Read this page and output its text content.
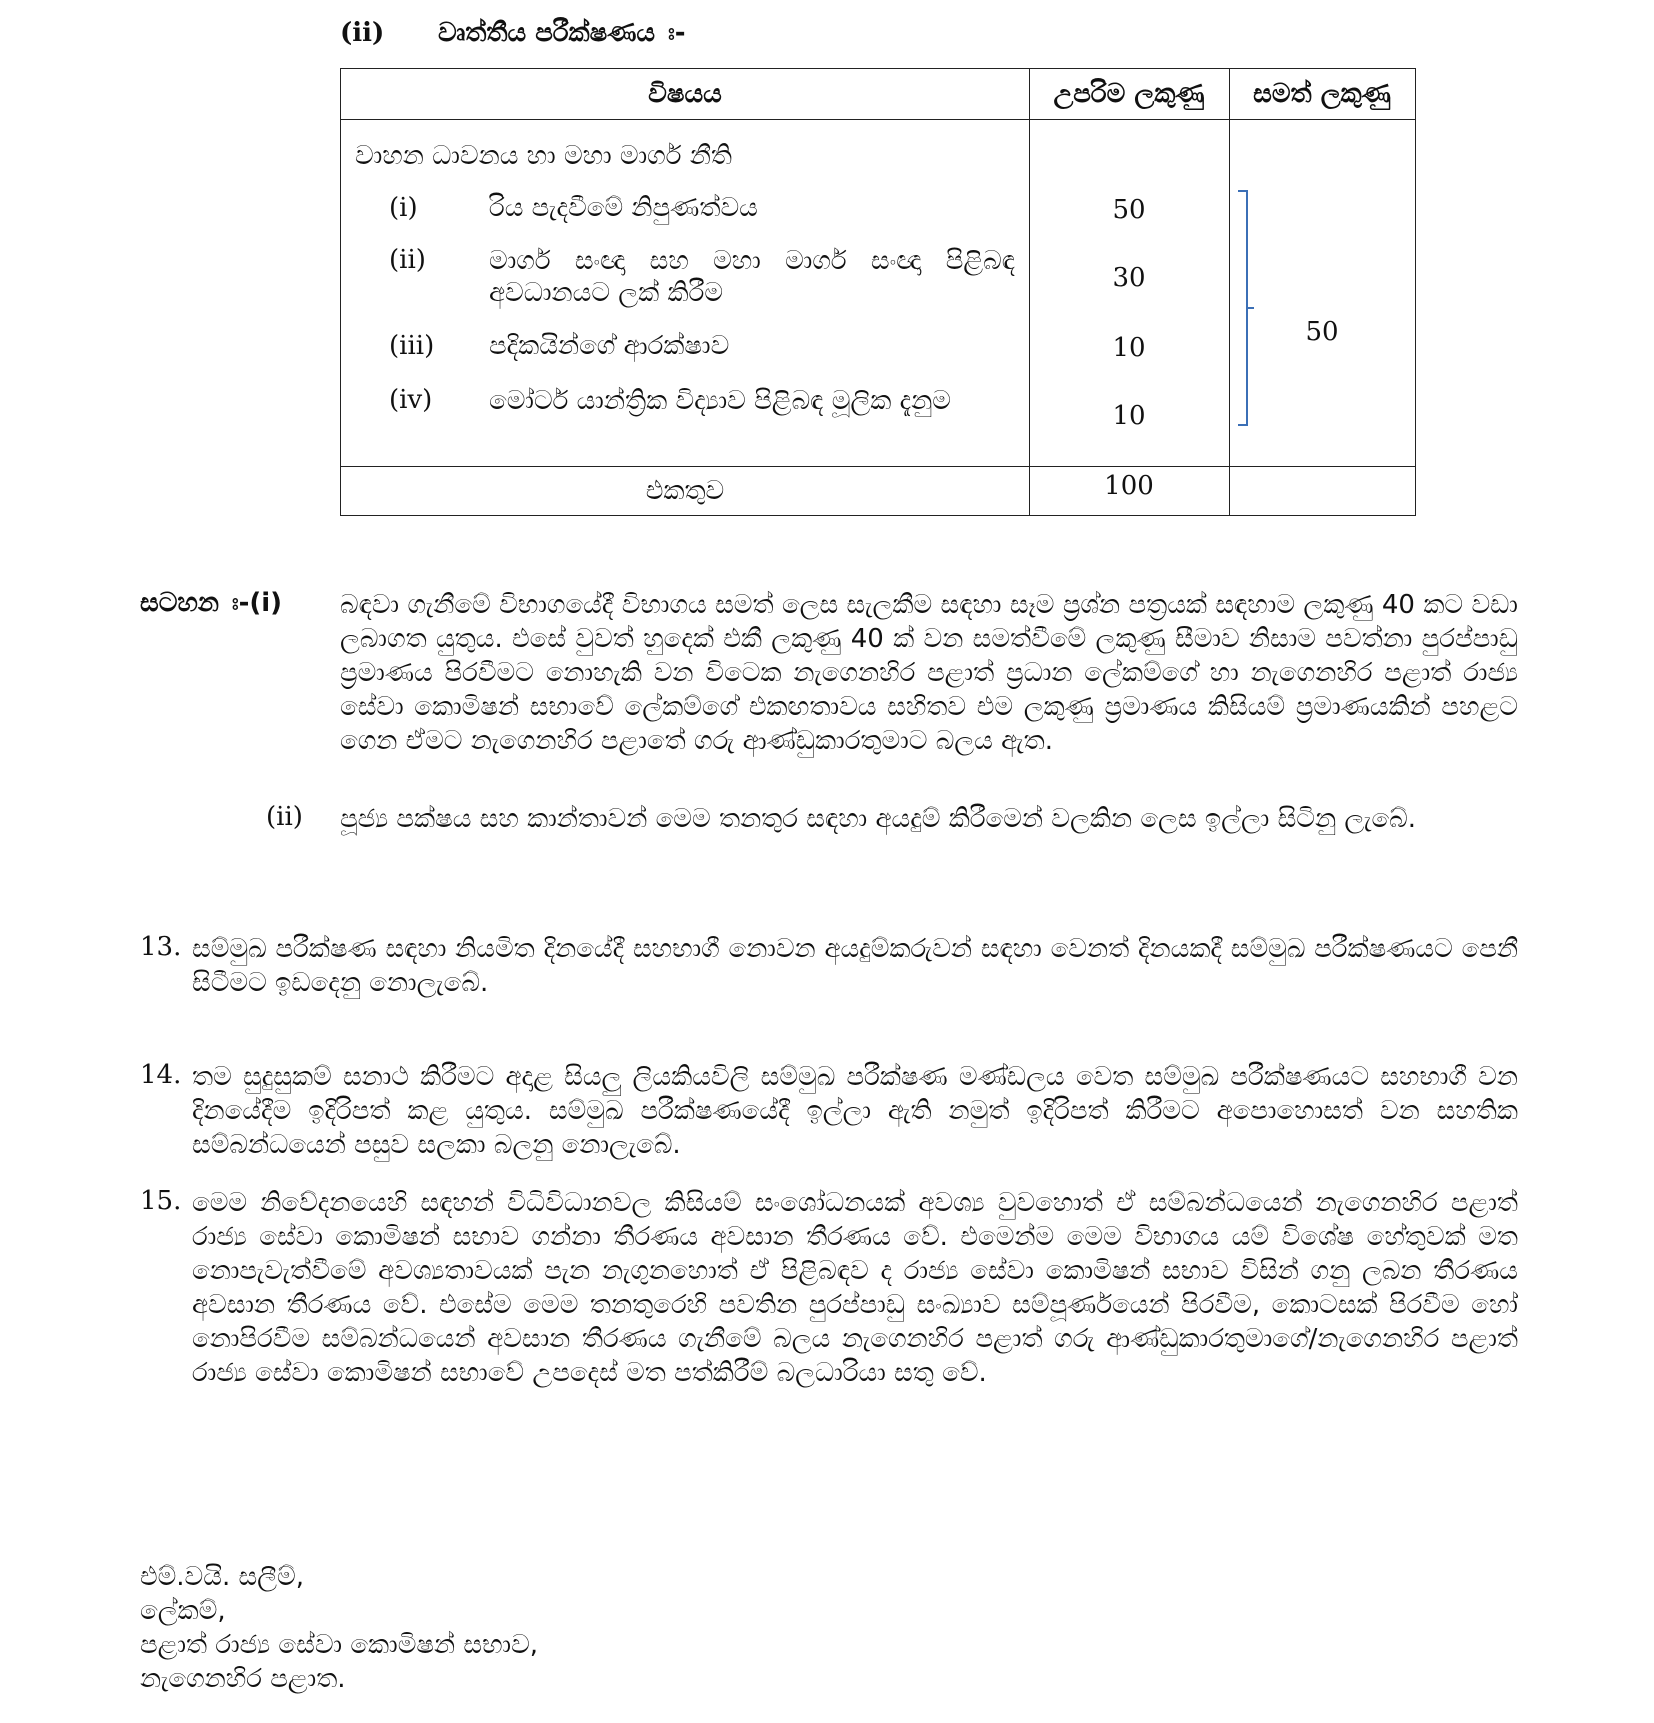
(ii) වෘත්තීය පරීක්ෂණය ඃ-
විෂයය	උපරිම ලකුණු	සමත් ලකුණු
වාහන ධාවනය හා මහා මාර්ග නීති
(i)	රිය පැදවීමේ නිපුණත්වය	50
(ii) මාර්ග සංඥා සහ මහා මාර්ග සංඥා පිළිබඳ අවධානයට ලක් කිරීම	30
(iii) පදිකයින්ගේ ආරක්ෂාව	10
(iv) මෝටර් යාන්ත්‍රික විද්‍යාව පිළිබඳ මූලික දැනුම	10
50
එකතුව	100
සටහන ඃ-(i) බඳවා ගැනීමේ විභාගයේදී විභාගය සමත් ලෙස සැලකීම සඳහා සෑම ප්‍රශ්න පත්‍රයක් සඳහාම ලකුණු 40 කට වඩා ලබාගත යුතුය. එසේ වුවත් හුදෙක් එකී ලකුණු 40 ක් වන සමත්වීමේ ලකුණු සීමාව නිසාම පවත්නා පුරප්පාඩු ප්‍රමාණය පිරවීමට නොහැකි වන විටෙක නැගෙනහිර පළාත් ප්‍රධාන ලේකම්ගේ හා නැගෙනහිර පළාත් රාජ්‍ය සේවා කොමිෂන් සභාවේ ලේකම්ගේ එකඟතාවය සහිතව එම ලකුණු ප්‍රමාණය කිසියම් ප්‍රමාණයකින් පහළට ගෙන ඒමට නැගෙනහිර පළාතේ ගරු ආණ්ඩුකාරතුමාට බලය ඇත.
(ii) පූජ්‍ය පක්ෂය සහ කාන්තාවන් මෙම තනතුර සඳහා අයදුම් කිරීමෙන් වලකින ලෙස ඉල්ලා සිටිනු ලැබේ.
13. සම්මුඛ පරීක්ෂණ සඳහා නියමිත දිනයේදී සහභාගී නොවන අයදුම්කරුවන් සඳහා වෙනත් දිනයකදී සම්මුඛ පරීක්ෂණයට පෙනී සිටීමට ඉඩදෙනු නොලැබේ.
14. තම සුදුසුකම් සනාථ කිරීමට අදාළ සියලු ලියකියවිලි සම්මුඛ පරීක්ෂණ මණ්ඩලය වෙත සම්මුඛ පරීක්ෂණයට සහභාගී වන දිනයේදීම ඉදිරිපත් කළ යුතුය. සම්මුඛ පරීක්ෂණයේදී ඉල්ලා ඇති නමුත් ඉදිරිපත් කිරීමට අපොහොසත් වන සහතික සම්බන්ධයෙන් පසුව සලකා බලනු නොලැබේ.
15. මෙම නිවේදනයෙහි සඳහන් විධිවිධානවල කිසියම් සංශෝධනයක් අවශ්‍ය වුවහොත් ඒ සම්බන්ධයෙන් නැගෙනහිර පළාත් රාජ්‍ය සේවා කොමිෂන් සභාව ගන්නා තීරණය අවසාන තීරණය වේ. එමෙන්ම මෙම විභාගය යම් විශේෂ හේතුවක් මත නොපැවැත්වීමේ අවශ්‍යතාවයක් පැන නැගුනහොත් ඒ පිළිබඳව ද රාජ්‍ය සේවා කොමිෂන් සභාව විසින් ගනු ලබන තීරණය අවසාන තීරණය වේ. එසේම මෙම තනතුරෙහි පවතින පුරප්පාඩු සංඛ්‍යාව සම්පූර්ණයෙන් පිරවීම, කොටසක් පිරවීම හෝ නොපිරවීම සම්බන්ධයෙන් අවසාන තීරණය ගැනීමේ බලය නැගෙනහිර පළාත් ගරු ආණ්ඩුකාරතුමාගේ/නැගෙනහිර පළාත් රාජ්‍ය සේවා කොමිෂන් සභාවේ උපදෙස් මත පත්කිරීම් බලධාරියා සතු වේ.
එම්.වයි. සලීම්,
ලේකම්,
පළාත් රාජ්‍ය සේවා කොමිෂන් සභාව,
නැගෙනහිර පළාත.
